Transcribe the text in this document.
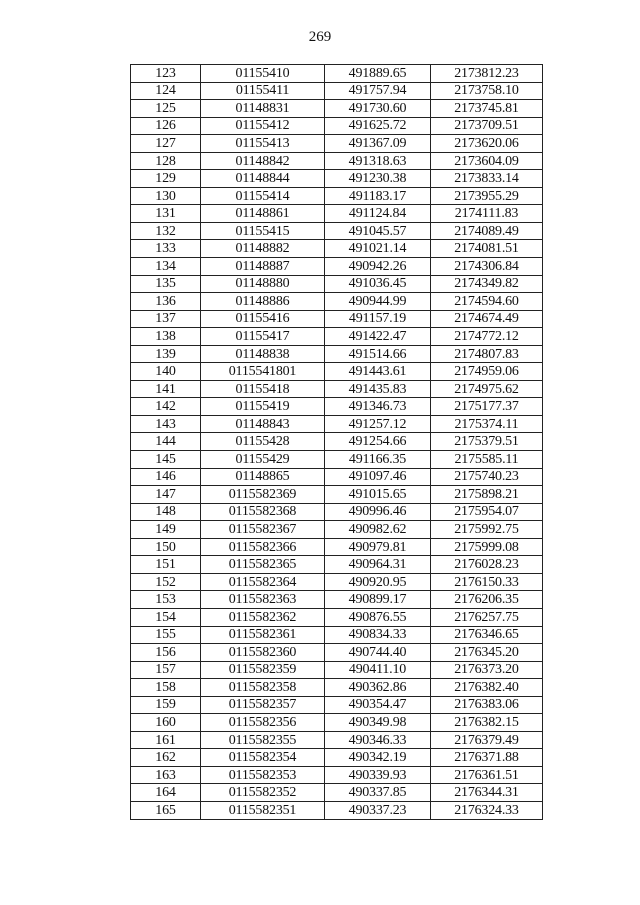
269
123	01155410	491889.65	2173812.23
124	01155411	491757.94	2173758.10
125	01148831	491730.60	2173745.81
126	01155412	491625.72	2173709.51
127	01155413	491367.09	2173620.06
128	01148842	491318.63	2173604.09
129	01148844	491230.38	2173833.14
130	01155414	491183.17	2173955.29
131	01148861	491124.84	2174111.83
132	01155415	491045.57	2174089.49
133	01148882	491021.14	2174081.51
134	01148887	490942.26	2174306.84
135	01148880	491036.45	2174349.82
136	01148886	490944.99	2174594.60
137	01155416	491157.19	2174674.49
138	01155417	491422.47	2174772.12
139	01148838	491514.66	2174807.83
140	0115541801	491443.61	2174959.06
141	01155418	491435.83	2174975.62
142	01155419	491346.73	2175177.37
143	01148843	491257.12	2175374.11
144	01155428	491254.66	2175379.51
145	01155429	491166.35	2175585.11
146	01148865	491097.46	2175740.23
147	0115582369	491015.65	2175898.21
148	0115582368	490996.46	2175954.07
149	0115582367	490982.62	2175992.75
150	0115582366	490979.81	2175999.08
151	0115582365	490964.31	2176028.23
152	0115582364	490920.95	2176150.33
153	0115582363	490899.17	2176206.35
154	0115582362	490876.55	2176257.75
155	0115582361	490834.33	2176346.65
156	0115582360	490744.40	2176345.20
157	0115582359	490411.10	2176373.20
158	0115582358	490362.86	2176382.40
159	0115582357	490354.47	2176383.06
160	0115582356	490349.98	2176382.15
161	0115582355	490346.33	2176379.49
162	0115582354	490342.19	2176371.88
163	0115582353	490339.93	2176361.51
164	0115582352	490337.85	2176344.31
165	0115582351	490337.23	2176324.33
